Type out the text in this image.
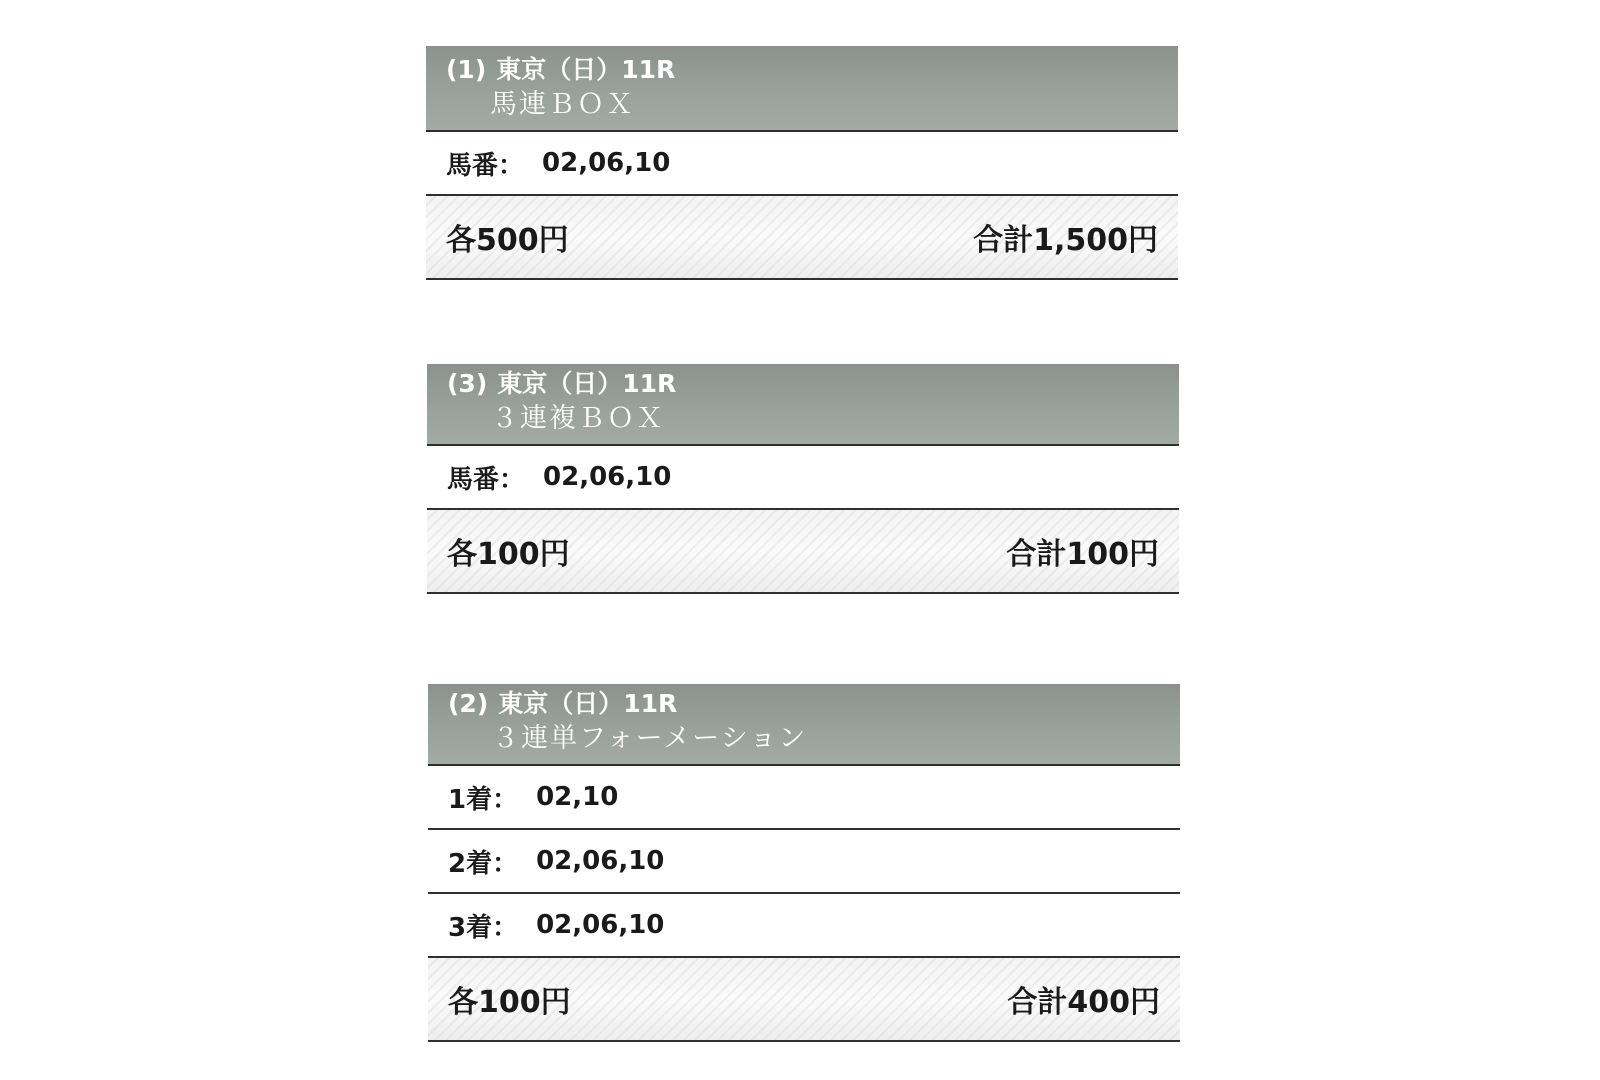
(1) 東京（日）11R
馬連ＢＯＸ
馬番： 02,06,10
各500円	合計1,500円
(3) 東京（日）11R
３連複ＢＯＸ
馬番： 02,06,10
各100円	合計100円
(2) 東京（日）11R
３連単フォーメーション
1着： 02,10
2着： 02,06,10
3着： 02,06,10
各100円	合計400円
